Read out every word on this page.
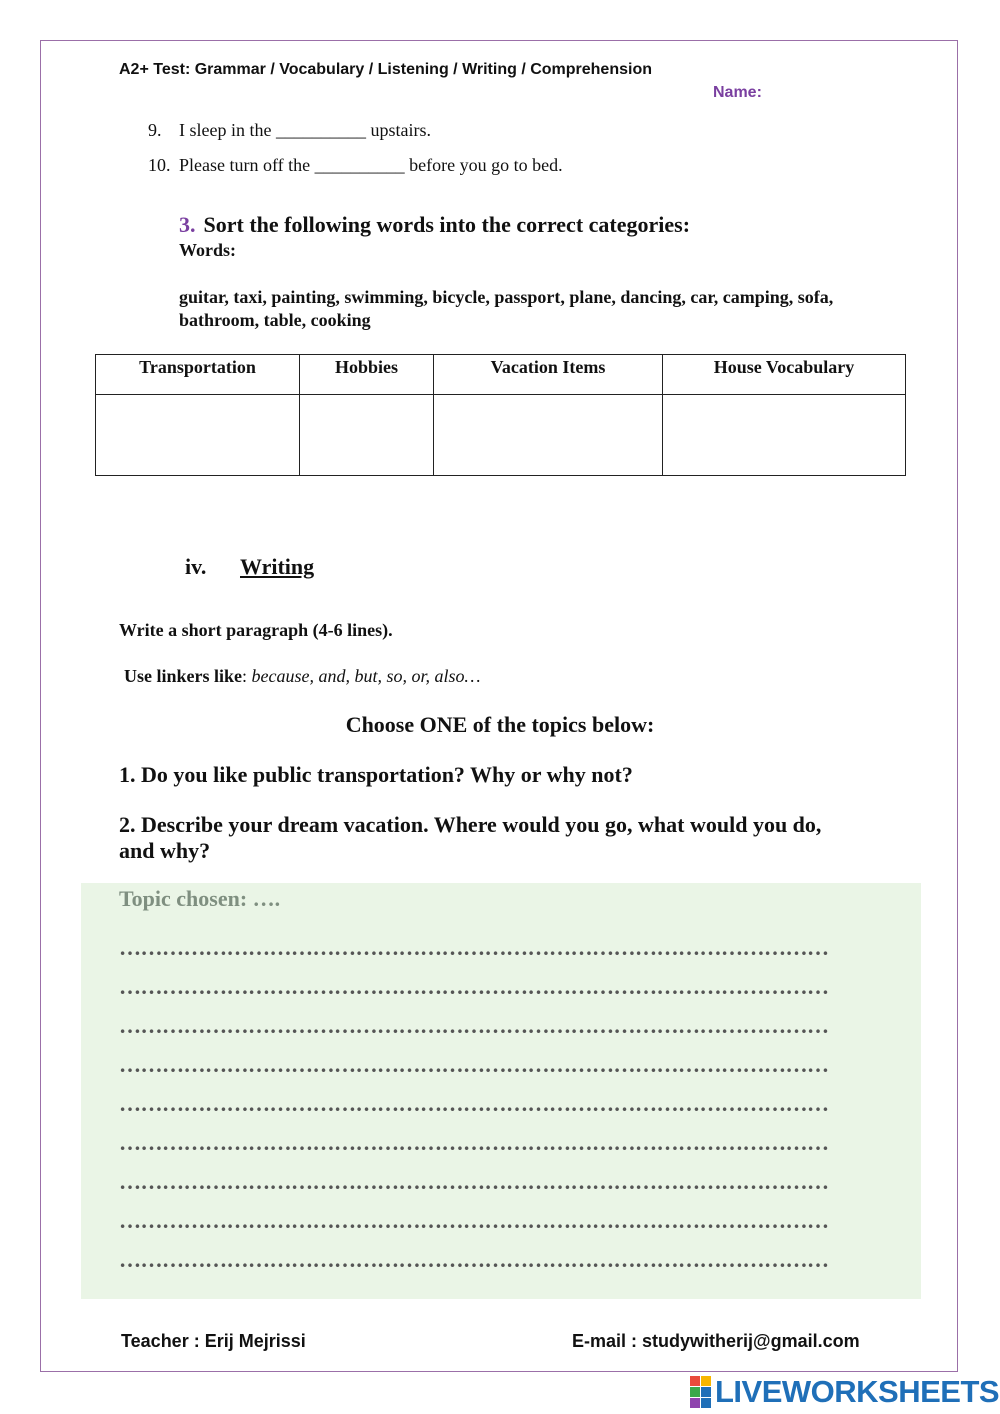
A2+ Test: Grammar / Vocabulary / Listening / Writing / Comprehension
Name:
9. I sleep in the __________ upstairs.
10. Please turn off the __________ before you go to bed.
3. Sort the following words into the correct categories:
Words:
guitar, taxi, painting, swimming, bicycle, passport, plane, dancing, car, camping, sofa, bathroom, table, cooking
Transportation	Hobbies	Vacation Items	House Vocabulary

iv. Writing
Write a short paragraph (4-6 lines).
Use linkers like: because, and, but, so, or, also…
Choose ONE of the topics below:
1. Do you like public transportation? Why or why not?
2. Describe your dream vacation. Where would you go, what would you do, and why?
Topic chosen: ….
………………………………………………………………………………………
………………………………………………………………………………………
………………………………………………………………………………………
………………………………………………………………………………………
………………………………………………………………………………………
………………………………………………………………………………………
………………………………………………………………………………………
………………………………………………………………………………………
………………………………………………………………………………………
Teacher : Erij Mejrissi	E-mail : studywitherij@gmail.com
LIVEWORKSHEETS
